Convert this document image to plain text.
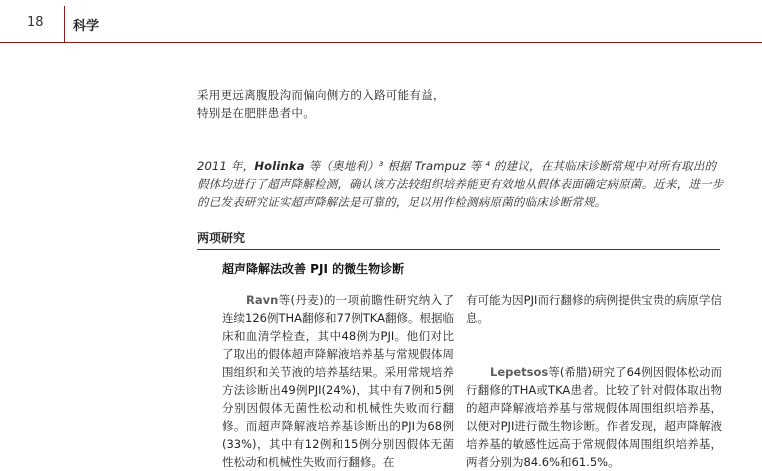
18 科学
采用更远离腹股沟而偏向侧方的入路可能有益，
特别是在肥胖患者中。
2011 年，Holinka 等（奥地利）³ 根据 Trampuz 等 ⁴ 的建议，在其临床诊断常规中对所有取出的假体均进行了超声降解检测，确认该方法较组织培养能更有效地从假体表面确定病原菌。近来，进一步的已发表研究证实超声降解法是可靠的，足以用作检测病原菌的临床诊断常规。
两项研究
超声降解法改善 PJI 的微生物诊断
Ravn等(丹麦)的一项前瞻性研究纳入了连续126例THA翻修和77例TKA翻修。根据临床和血清学检查，其中48例为PJI。他们对比了取出的假体超声降解液培养基与常规假体周围组织和关节液的培养基结果。采用常规培养方法诊断出49例PJI(24%)，其中有7例和5例分别因假体无菌性松动和机械性失败而行翻修。而超声降解液培养基诊断出的PJI为68例(33%)，其中有12例和15例分别因假体无菌性松动和机械性失败而行翻修。在
有可能为因PJI而行翻修的病例提供宝贵的病原学信息。
Lepetsos等(希腊)研究了64例因假体松动而行翻修的THA或TKA患者。比较了针对假体取出物的超声降解液培养基与常规假体周围组织培养基，以便对PJI进行微生物诊断。作者发现，超声降解液培养基的敏感性远高于常规假体周围组织培养基，两者分别为84.6%和61.5%。
